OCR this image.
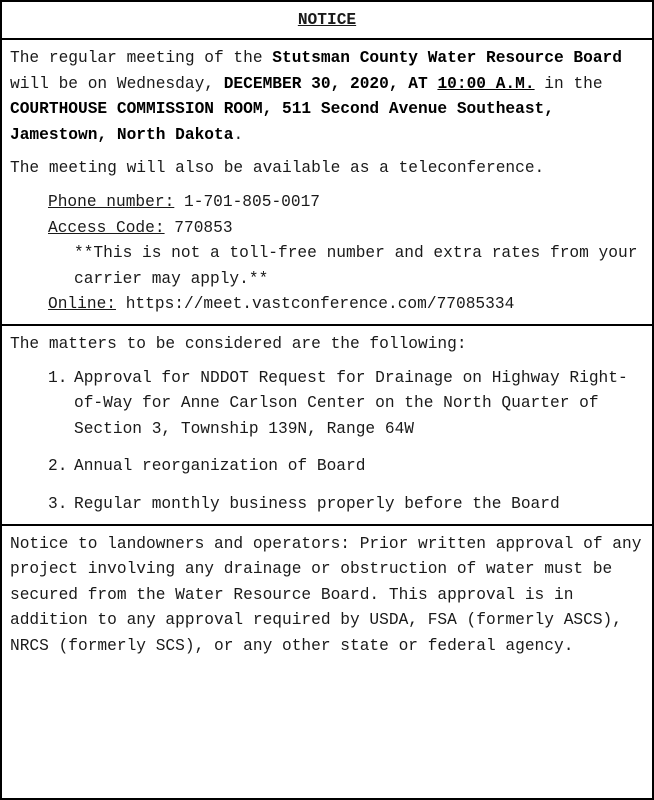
NOTICE

The regular meeting of the Stutsman County Water Resource Board will be on Wednesday, DECEMBER 30, 2020, AT 10:00 A.M. in the COURTHOUSE COMMISSION ROOM, 511 Second Avenue Southeast, Jamestown, North Dakota.

The meeting will also be available as a teleconference.

Phone number: 1-701-805-0017

Access Code: 770853

**This is not a toll-free number and extra rates from your carrier may apply.**

Online: https://meet.vastconference.com/77085334

The matters to be considered are the following:

1. Approval for NDDOT Request for Drainage on Highway Right-of-Way for Anne Carlson Center on the North Quarter of Section 3, Township 139N, Range 64W
2. Annual reorganization of Board
3. Regular monthly business properly before the Board

Notice to landowners and operators: Prior written approval of any project involving any drainage or obstruction of water must be secured from the Water Resource Board. This approval is in addition to any approval required by USDA, FSA (formerly ASCS), NRCS (formerly SCS), or any other state or federal agency.
